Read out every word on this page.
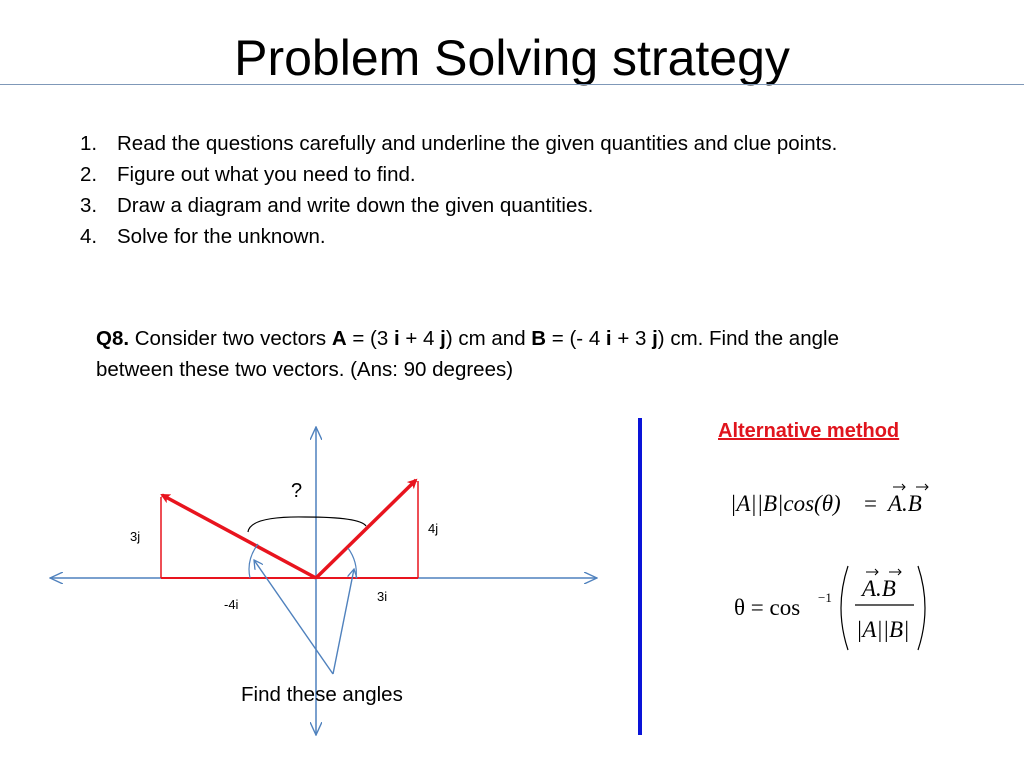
Problem Solving strategy
1. Read the questions carefully and underline the given quantities and clue points.
2. Figure out what you need to find.
3. Draw a diagram and write down the given quantities.
4. Solve for the unknown.
Q8. Consider two vectors A = (3 i + 4 j) cm and B = (- 4 i + 3 j) cm. Find the angle between these two vectors. (Ans: 90 degrees)
|A||B|cos(θ) = A.B
θ = cos −1 A.B
|A||B|
?
3j
4j
-4i
3i
Find these angles
Alternative method
